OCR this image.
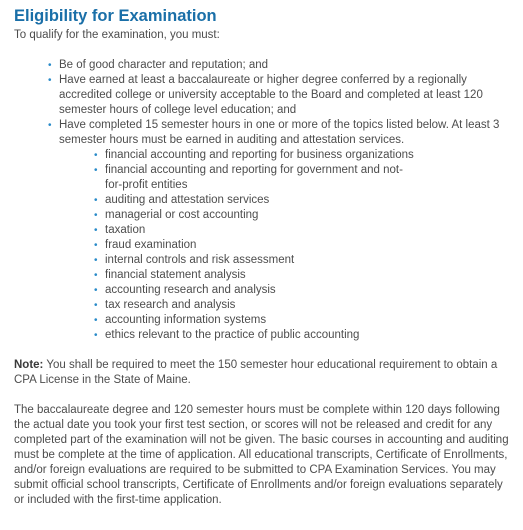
Eligibility for Examination

To qualify for the examination, you must:

• Be of good character and reputation; and
• Have earned at least a baccalaureate or higher degree conferred by a regionally accredited college or university acceptable to the Board and completed at least 120 semester hours of college level education; and
• Have completed 15 semester hours in one or more of the topics listed below. At least 3 semester hours must be earned in auditing and attestation services.
• financial accounting and reporting for business organizations
• financial accounting and reporting for government and not-for-profit entities
• auditing and attestation services
• managerial or cost accounting
• taxation
• fraud examination
• internal controls and risk assessment
• financial statement analysis
• accounting research and analysis
• tax research and analysis
• accounting information systems
• ethics relevant to the practice of public accounting

Note: You shall be required to meet the 150 semester hour educational requirement to obtain a CPA License in the State of Maine.

The baccalaureate degree and 120 semester hours must be complete within 120 days following the actual date you took your first test section, or scores will not be released and credit for any completed part of the examination will not be given. The basic courses in accounting and auditing must be complete at the time of application. All educational transcripts, Certificate of Enrollments, and/or foreign evaluations are required to be submitted to CPA Examination Services. You may submit official school transcripts, Certificate of Enrollments and/or foreign evaluations separately or included with the first-time application.
